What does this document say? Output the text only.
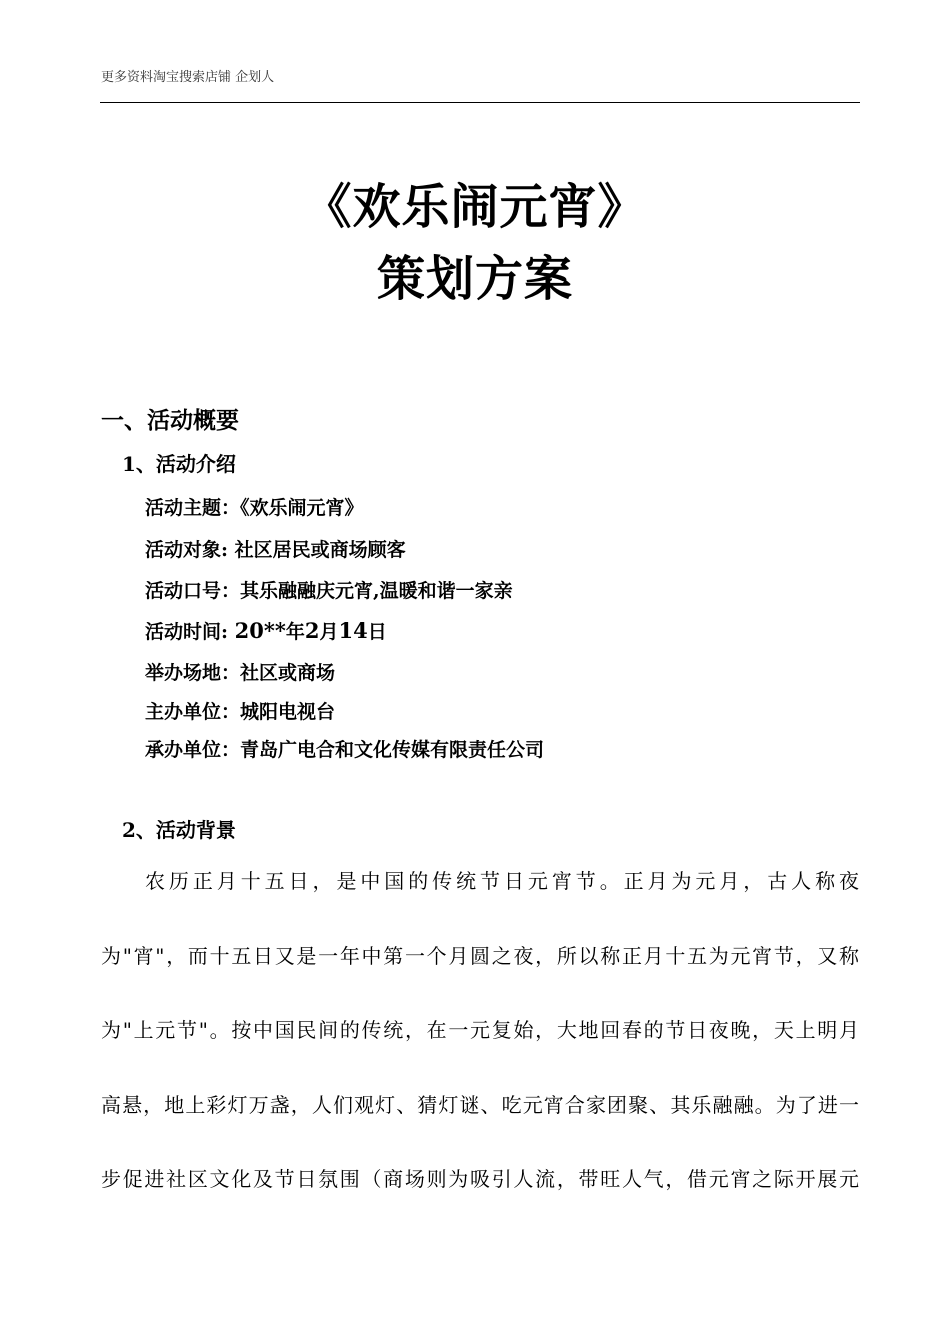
更多资料淘宝搜索店铺 企划人
《欢乐闹元宵》
策划方案
一、活动概要
1、活动介绍
活动主题：《欢乐闹元宵》
活动对象: 社区居民或商场顾客
活动口号：其乐融融庆元宵,温暖和谐一家亲
活动时间: 20**年2月14日
举办场地：社区或商场
主办单位：城阳电视台
承办单位：青岛广电合和文化传媒有限责任公司
2、活动背景
农历正月十五日，是中国的传统节日元宵节。正月为元月，古人称夜
为"宵"，而十五日又是一年中第一个月圆之夜，所以称正月十五为元宵节，又称
为"上元节"。按中国民间的传统，在一元复始，大地回春的节日夜晚，天上明月
高悬，地上彩灯万盏，人们观灯、猜灯谜、吃元宵合家团聚、其乐融融。为了进一
步促进社区文化及节日氛围（商场则为吸引人流，带旺人气，借元宵之际开展元
